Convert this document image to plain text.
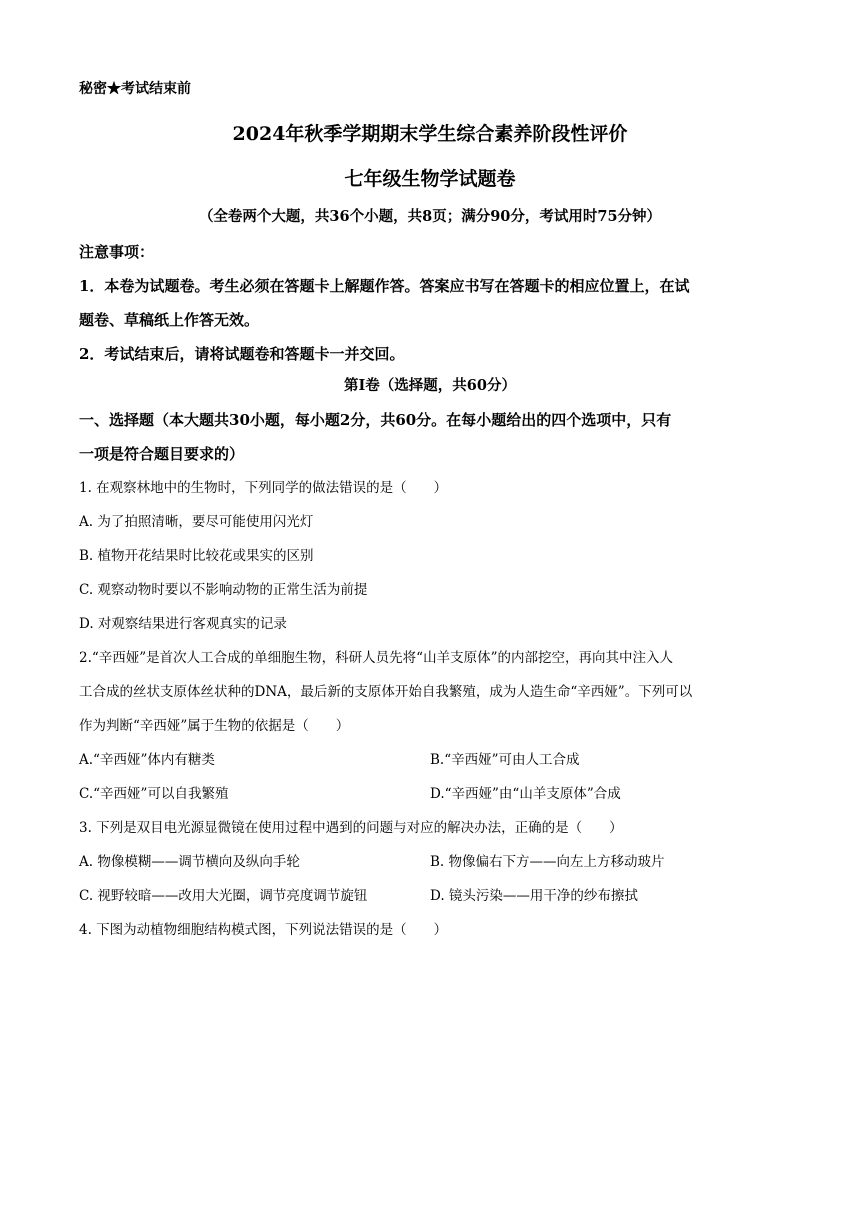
秘密★考试结束前
2024年秋季学期期末学生综合素养阶段性评价
七年级生物学试题卷
（全卷两个大题，共36个小题，共8页；满分90分，考试用时75分钟）
注意事项：
1．本卷为试题卷。考生必须在答题卡上解题作答。答案应书写在答题卡的相应位置上，在试
题卷、草稿纸上作答无效。
2．考试结束后，请将试题卷和答题卡一并交回。
第Ⅰ卷（选择题，共60分）
一、选择题（本大题共30小题，每小题2分，共60分。在每小题给出的四个选项中，只有
一项是符合题目要求的）
1. 在观察林地中的生物时，下列同学的做法错误的是（　　）
A. 为了拍照清晰，要尽可能使用闪光灯
B. 植物开花结果时比较花或果实的区别
C. 观察动物时要以不影响动物的正常生活为前提
D. 对观察结果进行客观真实的记录
2.“辛西娅”是首次人工合成的单细胞生物，科研人员先将“山羊支原体”的内部挖空，再向其中注入人
工合成的丝状支原体丝状种的DNA，最后新的支原体开始自我繁殖，成为人造生命“辛西娅”。下列可以
作为判断“辛西娅”属于生物的依据是（　　）
A.“辛西娅”体内有糖类	B.“辛西娅”可由人工合成
C.“辛西娅”可以自我繁殖	D.“辛西娅”由“山羊支原体”合成
3. 下列是双目电光源显微镜在使用过程中遇到的问题与对应的解决办法，正确的是（　　）
A. 物像模糊——调节横向及纵向手轮	B. 物像偏右下方——向左上方移动玻片
C. 视野较暗——改用大光圈，调节亮度调节旋钮	D. 镜头污染——用干净的纱布擦拭
4. 下图为动植物细胞结构模式图，下列说法错误的是（　　）
